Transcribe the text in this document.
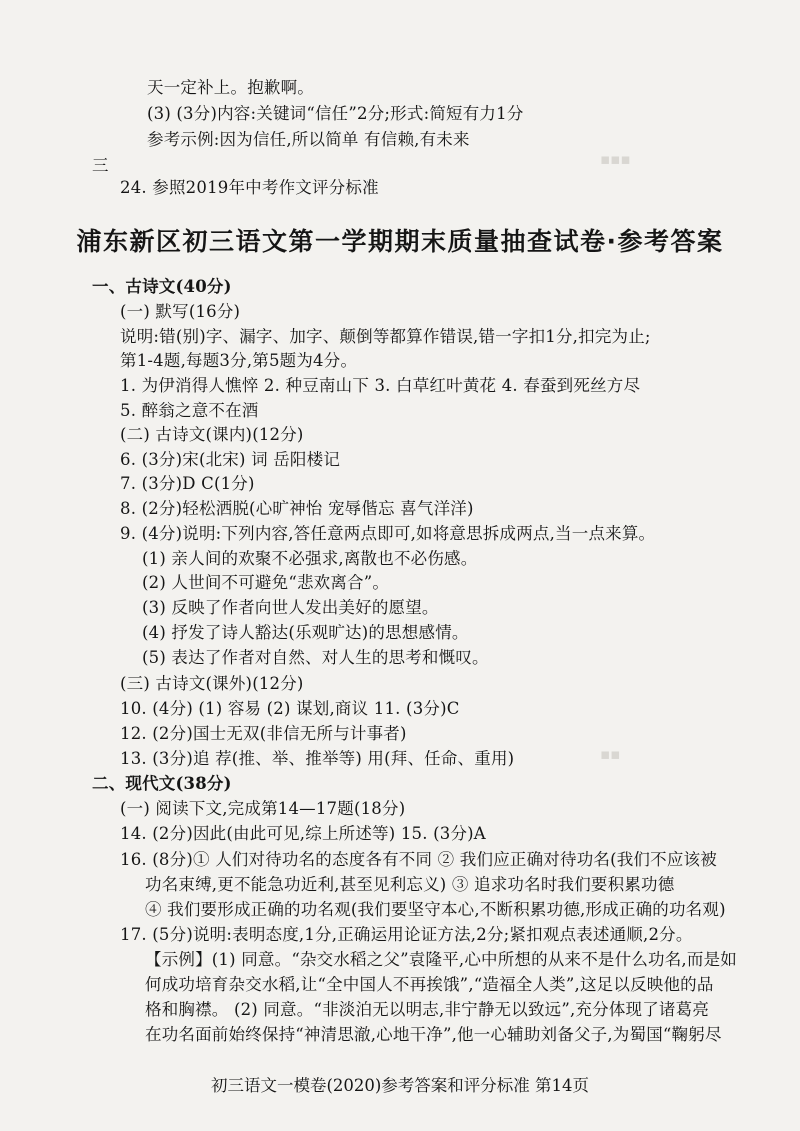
▪▪▪
▪▪
天一定补上。抱歉啊。
(3) (3分)内容:关键词“信任”2分;形式:简短有力1分
参考示例:因为信任,所以简单 有信赖,有未来
三
24. 参照2019年中考作文评分标准
浦东新区初三语文第一学期期末质量抽查试卷·参考答案
一、古诗文(40分)
(一) 默写(16分)
说明:错(别)字、漏字、加字、颠倒等都算作错误,错一字扣1分,扣完为止;
第1-4题,每题3分,第5题为4分。
1. 为伊消得人憔悴 2. 种豆南山下 3. 白草红叶黄花 4. 春蚕到死丝方尽
5. 醉翁之意不在酒
(二) 古诗文(课内)(12分)
6. (3分)宋(北宋) 词 岳阳楼记
7. (3分)D C(1分)
8. (2分)轻松洒脱(心旷神怡 宠辱偕忘 喜气洋洋)
9. (4分)说明:下列内容,答任意两点即可,如将意思拆成两点,当一点来算。
(1) 亲人间的欢聚不必强求,离散也不必伤感。
(2) 人世间不可避免“悲欢离合”。
(3) 反映了作者向世人发出美好的愿望。
(4) 抒发了诗人豁达(乐观旷达)的思想感情。
(5) 表达了作者对自然、对人生的思考和慨叹。
(三) 古诗文(课外)(12分)
10. (4分) (1) 容易 (2) 谋划,商议 11. (3分)C
12. (2分)国士无双(非信无所与计事者)
13. (3分)追 荐(推、举、推举等) 用(拜、任命、重用)
二、现代文(38分)
(一) 阅读下文,完成第14—17题(18分)
14. (2分)因此(由此可见,综上所述等) 15. (3分)A
16. (8分)① 人们对待功名的态度各有不同 ② 我们应正确对待功名(我们不应该被
功名束缚,更不能急功近利,甚至见利忘义) ③ 追求功名时我们要积累功德
④ 我们要形成正确的功名观(我们要坚守本心,不断积累功德,形成正确的功名观)
17. (5分)说明:表明态度,1分,正确运用论证方法,2分;紧扣观点表述通顺,2分。
【示例】(1) 同意。“杂交水稻之父”袁隆平,心中所想的从来不是什么功名,而是如
何成功培育杂交水稻,让“全中国人不再挨饿”,“造福全人类”,这足以反映他的品
格和胸襟。 (2) 同意。“非淡泊无以明志,非宁静无以致远”,充分体现了诸葛亮
在功名面前始终保持“神清思澈,心地干净”,他一心辅助刘备父子,为蜀国“鞠躬尽
初三语文一模卷(2020)参考答案和评分标准 第14页
